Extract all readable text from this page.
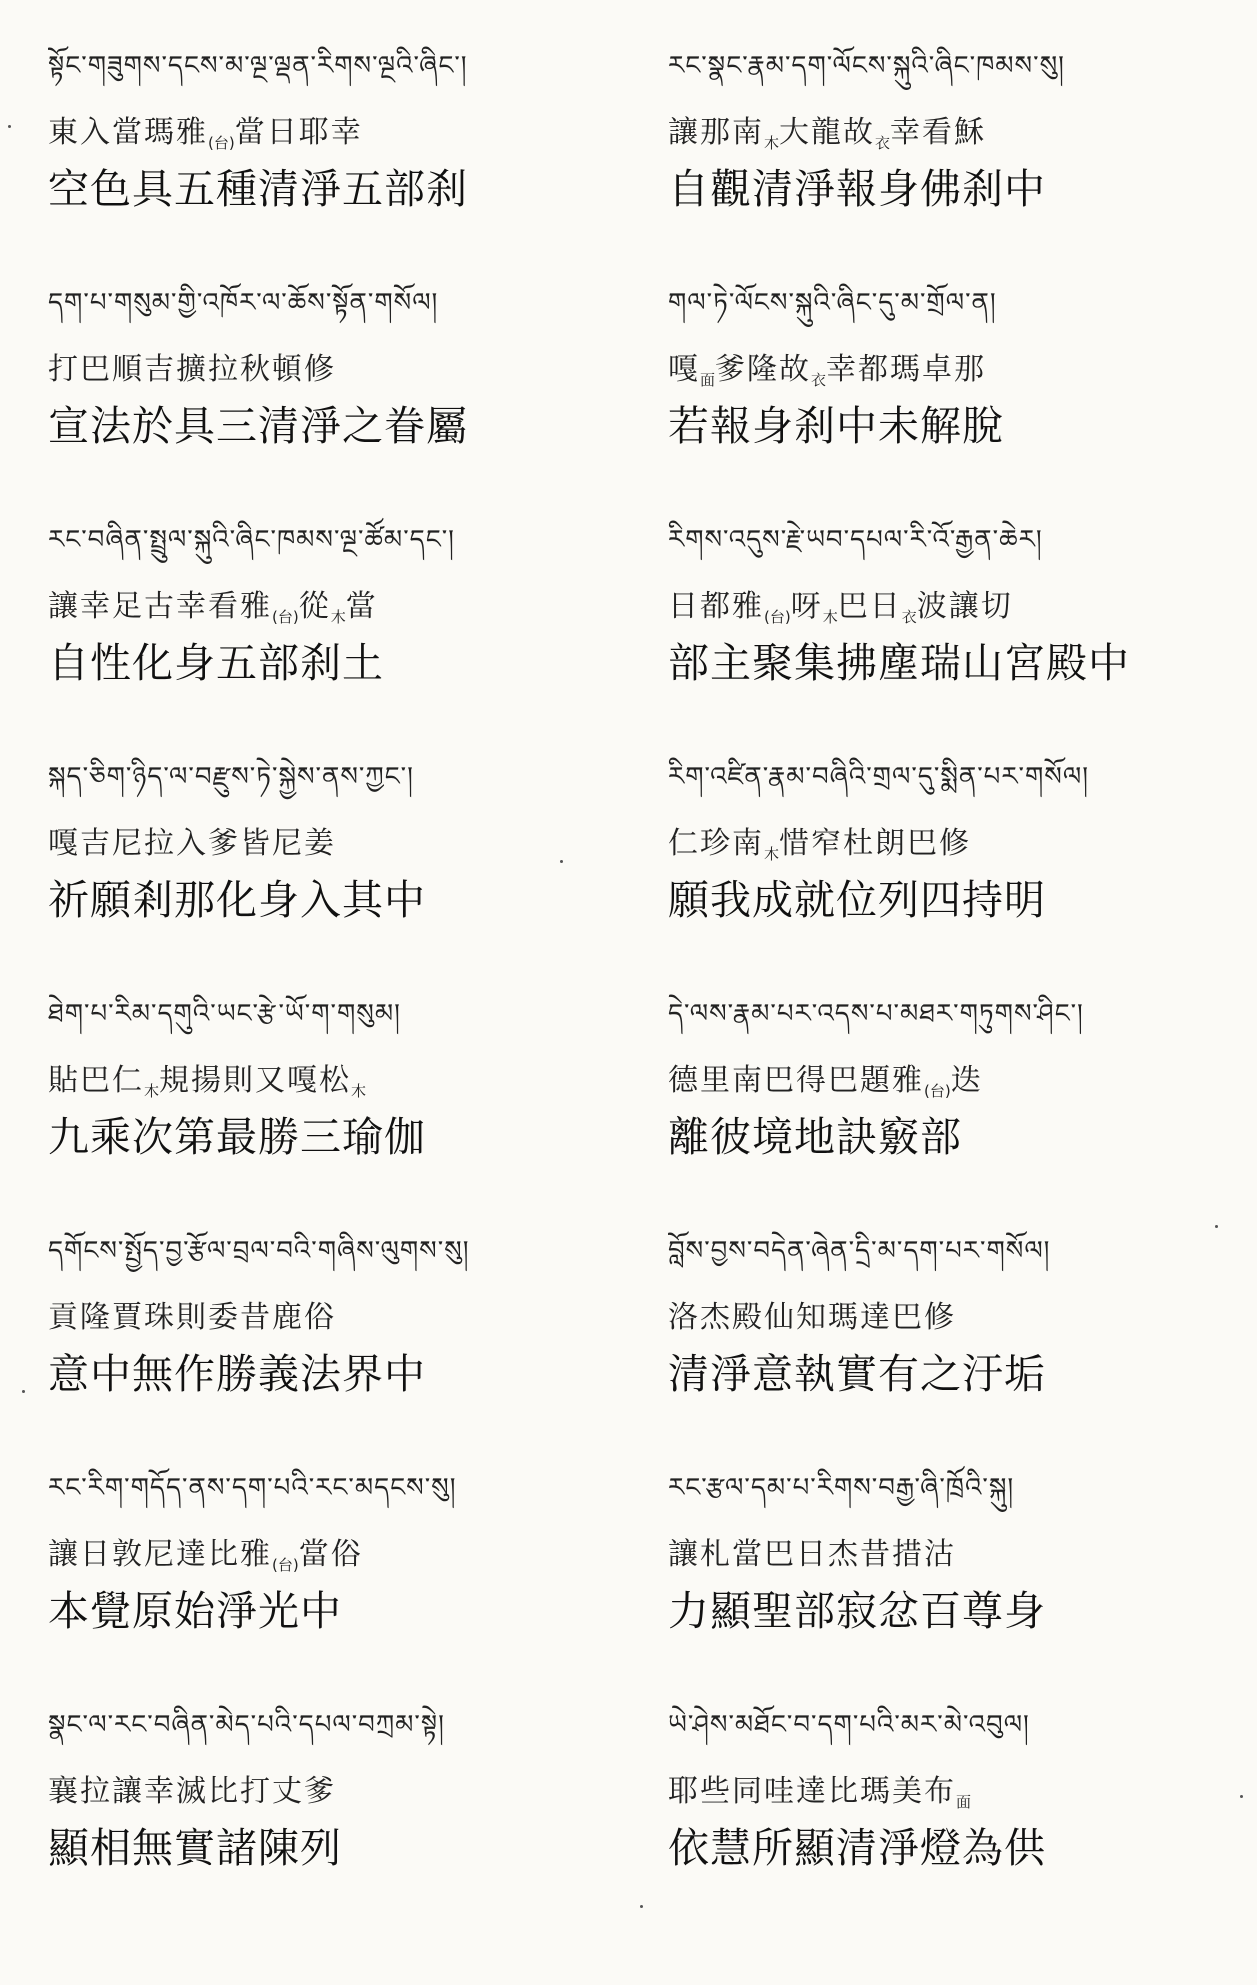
སྟོང་གཟུགས་དངས་མ་ལྔ་ལྡན་རིགས་ལྔའི་ཞིང་།
東入當瑪雅$_{(台)}$當日耶幸
空色具五種清淨五部刹
དག་པ་གསུམ་གྱི་འཁོར་ལ་ཆོས་སྟོན་གསོལ།
打巴順吉擴拉秋頓修
宣法於具三清淨之眷屬
རང་བཞིན་སྤྲུལ་སྐུའི་ཞིང་ཁམས་ལྔ་ཚོམ་དང་།
讓幸足古幸看雅$_{(台)}$從$_木$當
自性化身五部刹土
སྐད་ཅིག་ཉིད་ལ་བརྫུས་ཏེ་སྐྱེས་ནས་ཀྱང་།
嘎吉尼拉入爹皆尼姜
祈願剎那化身入其中
ཐེག་པ་རིམ་དགུའི་ཡང་རྩེ་ཡོ་ག་གསུམ།
貼巴仁$_木$規揚則又嘎松$_木$
九乘次第最勝三瑜伽
དགོངས་སྤྱོད་བྱ་རྩོལ་བྲལ་བའི་གཞིས་ལུགས་སུ།
貢隆賈珠則委昔鹿俗
意中無作勝義法界中
རང་རིག་གདོད་ནས་དག་པའི་རང་མདངས་སུ།
讓日敦尼達比雅$_{(台)}$當俗
本覺原始淨光中
སྣང་ལ་རང་བཞིན་མེད་པའི་དཔལ་བཀྲམ་སྟེ།
襄拉讓幸滅比打丈爹
顯相無實諸陳列
རང་སྣང་རྣམ་དག་ལོངས་སྐུའི་ཞིང་ཁམས་སུ།
讓那南$_木$大龍故$_衣$幸看穌
自觀清淨報身佛刹中
གལ་ཏེ་ལོངས་སྐུའི་ཞིང་དུ་མ་གྲོལ་ན།
嘎$_面$爹隆故$_衣$幸都瑪卓那
若報身刹中未解脫
རིགས་འདུས་རྗེ་ཡབ་དཔལ་རི་འོ་རྒྱན་ཆེར།
日都雅$_{(台)}$呀$_木$巴日$_衣$波讓切
部主聚集拂塵瑞山宮殿中
རིག་འཛིན་རྣམ་བཞིའི་གྲལ་དུ་སྨིན་པར་གསོལ།
仁珍南$_木$惜窄杜朗巴修
願我成就位列四持明
དེ་ལས་རྣམ་པར་འདས་པ་མཐར་གཏུགས་ཤིང་།
德里南巴得巴題雅$_{(台)}$迭
離彼境地訣竅部
བློས་བྱས་བདེན་ཞེན་དྲི་མ་དག་པར་གསོལ།
洛杰殿仙知瑪達巴修
清淨意執實有之汙垢
རང་རྩལ་དམ་པ་རིགས་བརྒྱ་ཞི་ཁྲོའི་སྐུ།
讓札當巴日杰昔措沽
力顯聖部寂忿百尊身
ཡེ་ཤེས་མཐོང་བ་དག་པའི་མར་མེ་འབུལ།
耶些同哇達比瑪美布$_面$
依慧所顯清淨燈為供
